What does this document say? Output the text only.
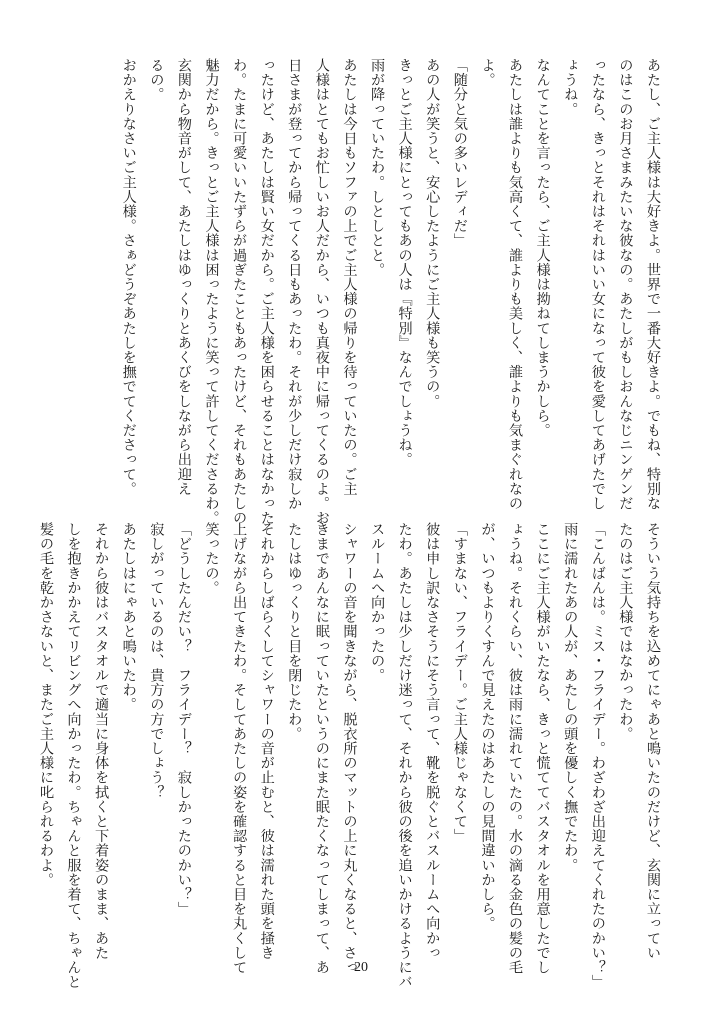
あたし、ご主人様は大好きよ。世界で一番大好きよ。でもね、特別な
のはこのお月さまみたいな彼なの。あたしがもしおんなじニンゲンだ
ったなら、きっとそれはそれはいい女になって彼を愛してあげたでし
ょうね。
なんてことを言ったら、ご主人様は拗ねてしまうかしら。
あたしは誰よりも気高くて、誰よりも美しく、誰よりも気まぐれなの
よ。
「随分と気の多いレディだ」
あの人が笑うと、安心したようにご主人様も笑うの。
きっとご主人様にとってもあの人は『特別』なんでしょうね。
雨が降っていたわ。しとしとと。
あたしは今日もソファの上でご主人様の帰りを待っていたの。ご主
人様はとてもお忙しいお人だから、いつも真夜中に帰ってくるのよ。お
日さまが登ってから帰ってくる日もあったわ。それが少しだけ寂しか
ったけど、あたしは賢い女だから。ご主人様を困らせることはなかった
わ。たまに可愛いいたずらが過ぎたこともあったけど、それもあたしの
魅力だから。きっとご主人様は困ったように笑って許してくださるわ。
玄関から物音がして、あたしはゆっくりとあくびをしながら出迎え
るの。
おかえりなさいご主人様。さぁどうぞあたしを撫でてくださって。
そういう気持ちを込めてにゃあと鳴いたのだけど、玄関に立ってい
たのはご主人様ではなかったわ。
「こんばんは。ミス・フライデー。わざわざ出迎えてくれたのかい？」
雨に濡れたあの人が、あたしの頭を優しく撫でたわ。
ここにご主人様がいたなら、きっと慌ててバスタオルを用意したでし
ょうね。それくらい、彼は雨に濡れていたの。水の滴る金色の髪の毛
が、いつもよりくすんで見えたのはあたしの見間違いかしら。
「すまない、フライデー。ご主人様じゃなくて」
彼は申し訳なさそうにそう言って、靴を脱ぐとバスルームへ向かっ
たわ。あたしは少しだけ迷って、それから彼の後を追いかけるようにバ
スルームへ向かったの。
シャワーの音を聞きながら、脱衣所のマットの上に丸くなると、さっ
きまであんなに眠っていたというのにまた眠たくなってしまって、あ
たしはゆっくりと目を閉じたわ。
それからしばらくしてシャワーの音が止むと、彼は濡れた頭を掻き
上げながら出てきたわ。そしてあたしの姿を確認すると目を丸くして
笑ったの。
「どうしたんだい？　フライデー？　寂しかったのかい？」
寂しがっているのは、貴方の方でしょう？
あたしはにゃあと鳴いたわ。
それから彼はバスタオルで適当に身体を拭くと下着姿のまま、あた
しを抱きかかえてリビングへ向かったわ。ちゃんと服を着て、ちゃんと
髪の毛を乾かさないと、またご主人様に叱られるわよ。
20
